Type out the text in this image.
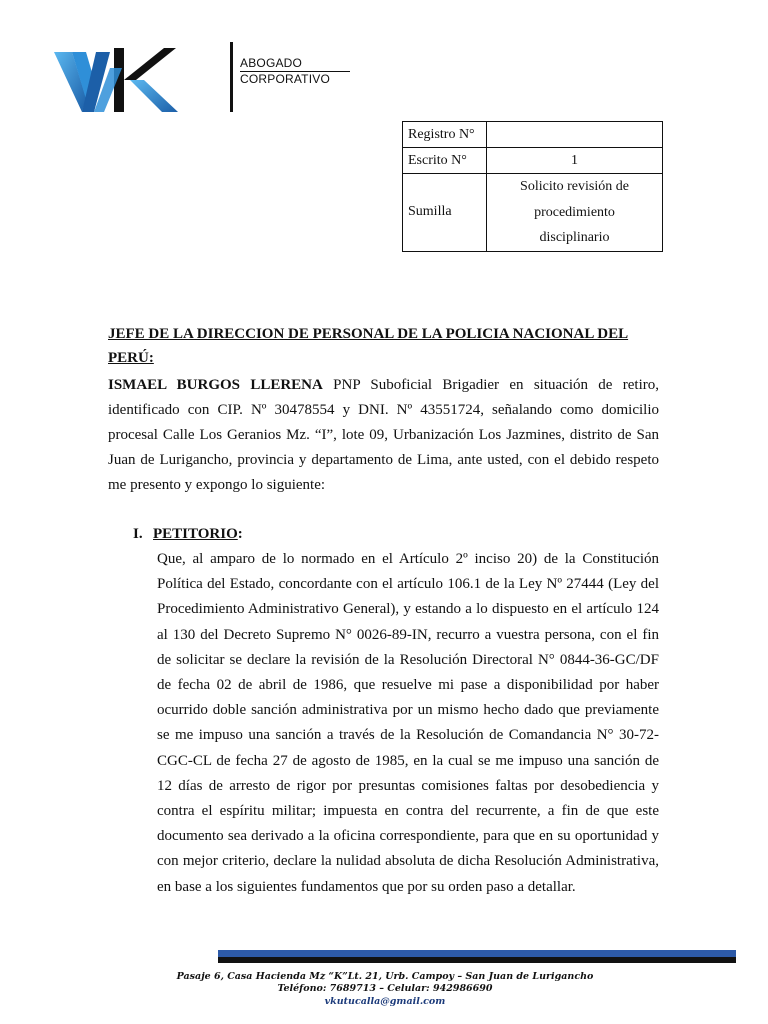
ABOGADO
CORPORATIVO
Registro N°	
Escrito N°	1
Sumilla	Solicito revisión de
procedimiento
disciplinario
JEFE DE LA DIRECCION DE PERSONAL DE LA POLICIA NACIONAL DEL PERÚ:
ISMAEL BURGOS LLERENA PNP Suboficial Brigadier en situación de retiro, identificado con CIP. Nº 30478554 y DNI. Nº 43551724, señalando como domicilio procesal Calle Los Geranios Mz. “I”, lote 09, Urbanización Los Jazmines, distrito de San Juan de Lurigancho, provincia y departamento de Lima, ante usted, con el debido respeto me presento y expongo lo siguiente:
I. PETITORIO:
Que, al amparo de lo normado en el Artículo 2º inciso 20) de la Constitución Política del Estado, concordante con el artículo 106.1 de la Ley Nº 27444 (Ley del Procedimiento Administrativo General), y estando a lo dispuesto en el artículo 124 al 130 del Decreto Supremo N° 0026-89-IN, recurro a vuestra persona, con el fin de solicitar se declare la revisión de la Resolución Directoral N° 0844-36-GC/DF de fecha 02 de abril de 1986, que resuelve mi pase a disponibilidad por haber ocurrido doble sanción administrativa por un mismo hecho dado que previamente se me impuso una sanción a través de la Resolución de Comandancia N° 30-72-CGC-CL de fecha 27 de agosto de 1985, en la cual se me impuso una sanción de 12 días de arresto de rigor por presuntas comisiones faltas por desobediencia y contra el espíritu militar; impuesta en contra del recurrente, a fin de que este documento sea derivado a la oficina correspondiente, para que en su oportunidad y con mejor criterio, declare la nulidad absoluta de dicha Resolución Administrativa, en base a los siguientes fundamentos que por su orden paso a detallar.
Pasaje 6, Casa Hacienda Mz “K”Lt. 21, Urb. Campoy – San Juan de Lurigancho
Teléfono: 7689713 – Celular: 942986690
vkutucalla@gmail.com
